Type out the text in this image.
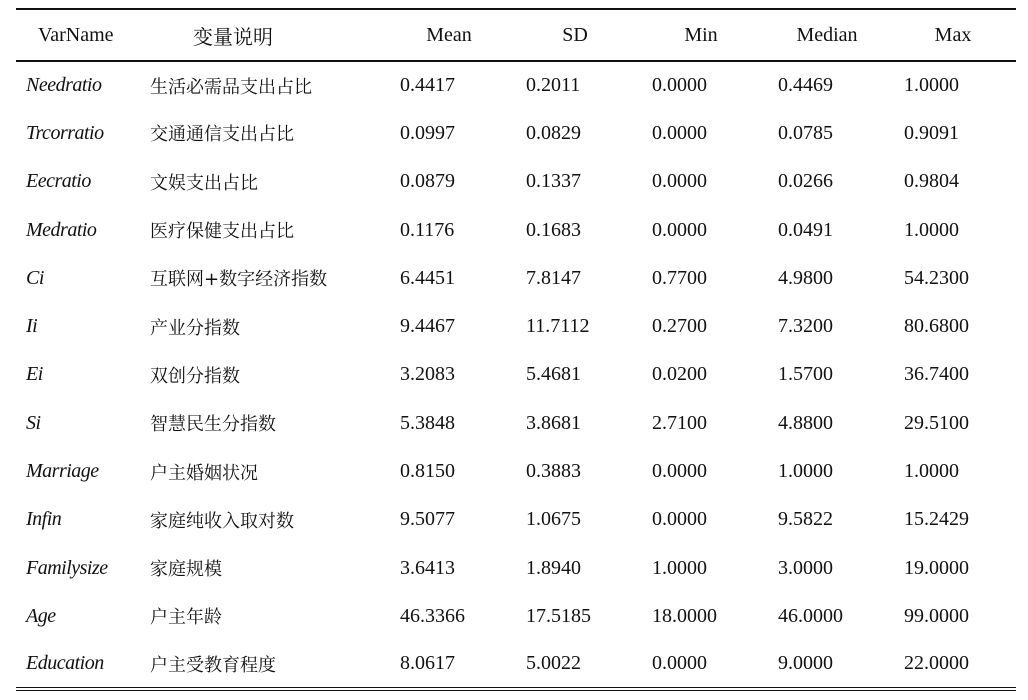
VarName	变量说明	Mean	SD	Min	Median	Max
Needratio	生活必需品支出占比	0.4417	0.2011	0.0000	0.4469	1.0000
Trcorratio	交通通信支出占比	0.0997	0.0829	0.0000	0.0785	0.9091
Eecratio	文娱支出占比	0.0879	0.1337	0.0000	0.0266	0.9804
Medratio	医疗保健支出占比	0.1176	0.1683	0.0000	0.0491	1.0000
Ci	互联网+数字经济指数	6.4451	7.8147	0.7700	4.9800	54.2300
Ii	产业分指数	9.4467	11.7112	0.2700	7.3200	80.6800
Ei	双创分指数	3.2083	5.4681	0.0200	1.5700	36.7400
Si	智慧民生分指数	5.3848	3.8681	2.7100	4.8800	29.5100
Marriage	户主婚姻状况	0.8150	0.3883	0.0000	1.0000	1.0000
Infin	家庭纯收入取对数	9.5077	1.0675	0.0000	9.5822	15.2429
Familysize	家庭规模	3.6413	1.8940	1.0000	3.0000	19.0000
Age	户主年龄	46.3366	17.5185	18.0000	46.0000	99.0000
Education	户主受教育程度	8.0617	5.0022	0.0000	9.0000	22.0000
